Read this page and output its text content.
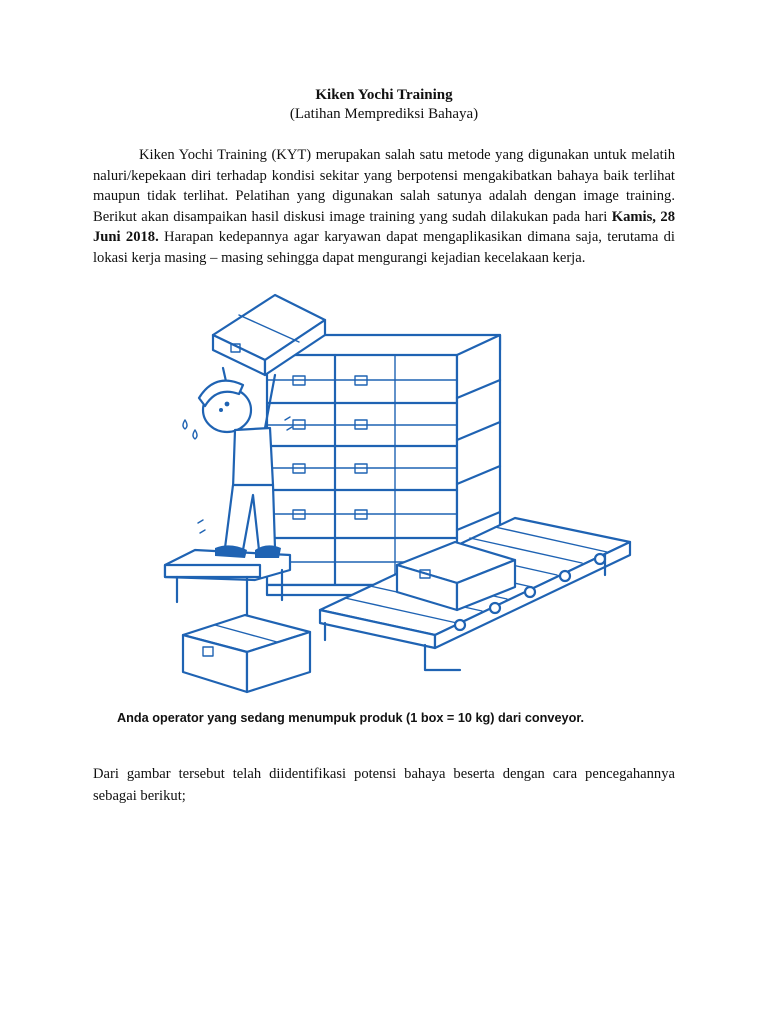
Kiken Yochi Training
(Latihan Memprediksi Bahaya)
Kiken Yochi Training (KYT) merupakan salah satu metode yang digunakan untuk melatih naluri/kepekaan diri terhadap kondisi sekitar yang berpotensi mengakibatkan bahaya baik terlihat maupun tidak terlihat. Pelatihan yang digunakan salah satunya adalah dengan image training. Berikut akan disampaikan hasil diskusi image training yang sudah dilakukan pada hari Kamis, 28 Juni 2018. Harapan kedepannya agar karyawan dapat mengaplikasikan dimana saja, terutama di lokasi kerja masing – masing sehingga dapat mengurangi kejadian kecelakaan kerja.
Anda operator yang sedang menumpuk produk (1 box = 10 kg) dari conveyor.
Dari gambar tersebut telah diidentifikasi potensi bahaya beserta dengan cara pencegahannya sebagai berikut;
